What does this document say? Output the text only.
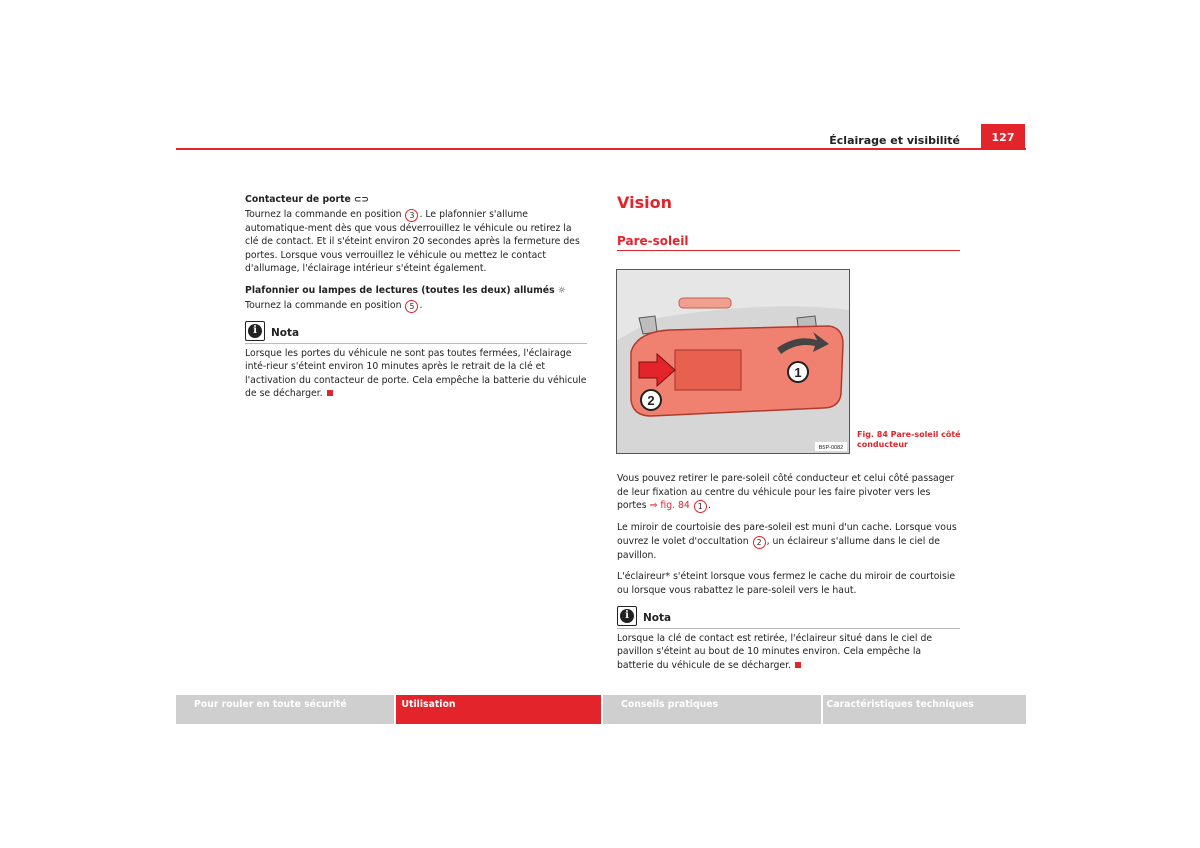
Éclairage et visibilité	127

Contacteur de porte ⊂⊃

Tournez la commande en position 3 . Le plafonnier s'allume automatique-ment dès que vous déverrouillez le véhicule ou retirez la clé de contact. Et il s'éteint environ 20 secondes après la fermeture des portes. Lorsque vous verrouillez le véhicule ou mettez le contact d'allumage, l'éclairage intérieur s'éteint également.

Plafonnier ou lampes de lectures (toutes les deux) allumés ☼

Tournez la commande en position 5 .

i	Nota

Lorsque les portes du véhicule ne sont pas toutes fermées, l'éclairage inté-rieur s'éteint environ 10 minutes après le retrait de la clé et l'activation du contacteur de porte. Cela empêche la batterie du véhicule de se décharger.

Vision
Pare-soleil
1
2
B5P-0082
Fig. 84 Pare-soleil côté conducteur

Vous pouvez retirer le pare-soleil côté conducteur et celui côté passager de leur fixation au centre du véhicule pour les faire pivoter vers les portes ⇒ fig. 84 1 .

Le miroir de courtoisie des pare-soleil est muni d'un cache. Lorsque vous ouvrez le volet d'occultation 2 , un éclaireur s'allume dans le ciel de pavillon.

L'éclaireur* s'éteint lorsque vous fermez le cache du miroir de courtoisie ou lorsque vous rabattez le pare-soleil vers le haut.

i	Nota

Lorsque la clé de contact est retirée, l'éclaireur situé dans le ciel de pavillon s'éteint au bout de 10 minutes environ. Cela empêche la batterie du véhicule de se décharger.

Pour rouler en toute sécurité	Utilisation	Conseils pratiques	Caractéristiques techniques
